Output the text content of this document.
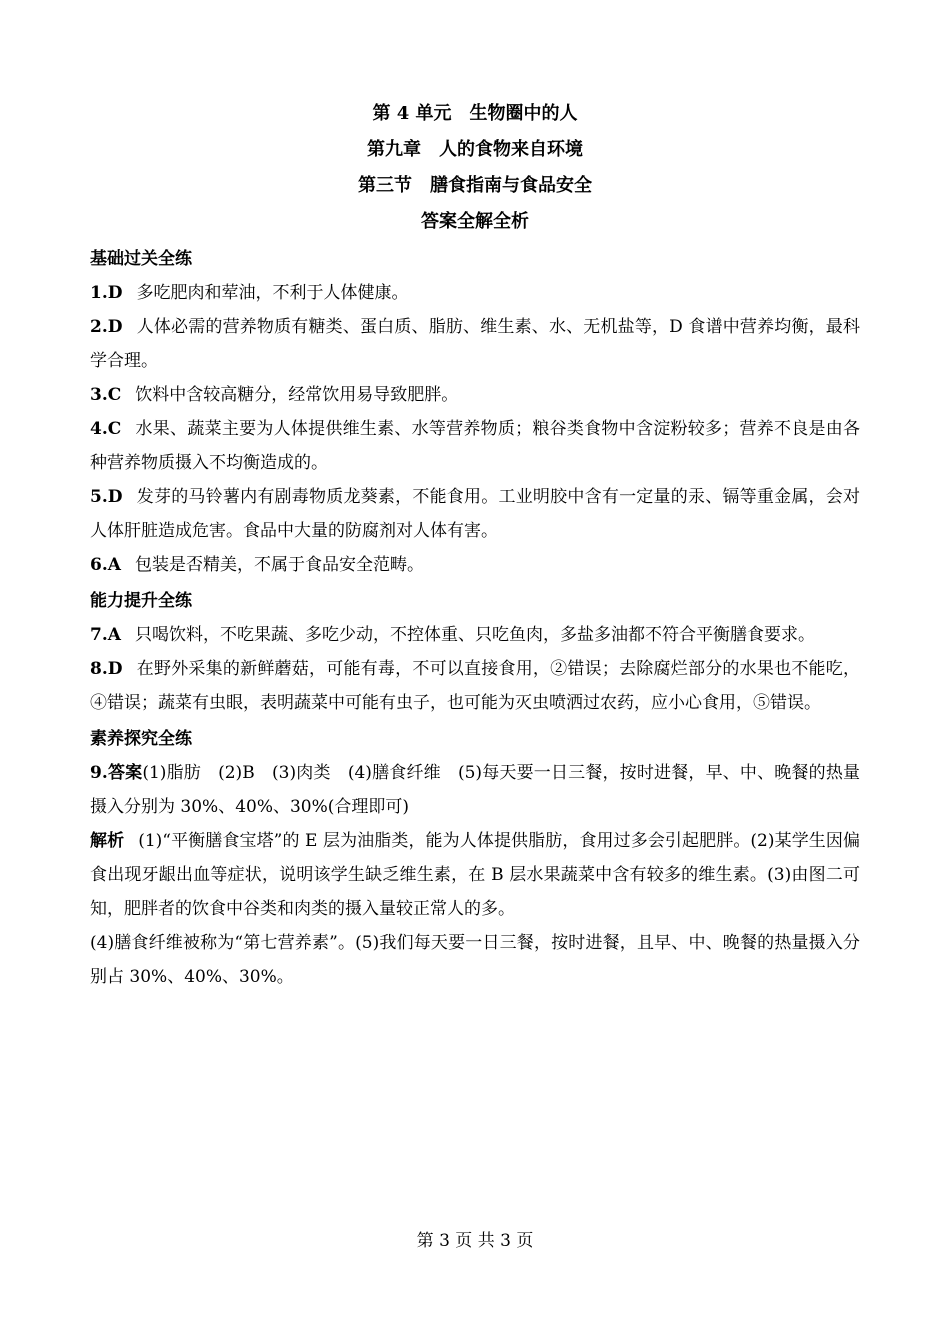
第 4 单元　生物圈中的人

第九章　人的食物来自环境

第三节　膳食指南与食品安全

答案全解全析

基础过关全练

1.D 多吃肥肉和荤油，不利于人体健康。

2.D 人体必需的营养物质有糖类、蛋白质、脂肪、维生素、水、无机盐等，D 食谱中营养均衡，最科学合理。

3.C 饮料中含较高糖分，经常饮用易导致肥胖。

4.C 水果、蔬菜主要为人体提供维生素、水等营养物质；粮谷类食物中含淀粉较多；营养不良是由各种营养物质摄入不均衡造成的。

5.D 发芽的马铃薯内有剧毒物质龙葵素，不能食用。工业明胶中含有一定量的汞、镉等重金属，会对人体肝脏造成危害。食品中大量的防腐剂对人体有害。

6.A 包装是否精美，不属于食品安全范畴。

能力提升全练

7.A 只喝饮料，不吃果蔬、多吃少动，不控体重、只吃鱼肉，多盐多油都不符合平衡膳食要求。

8.D 在野外采集的新鲜蘑菇，可能有毒，不可以直接食用，②错误；去除腐烂部分的水果也不能吃，④错误；蔬菜有虫眼，表明蔬菜中可能有虫子，也可能为灭虫喷洒过农药，应小心食用，⑤错误。

素养探究全练

9.答案(1)脂肪　(2)B　(3)肉类　(4)膳食纤维　(5)每天要一日三餐，按时进餐，早、中、晚餐的热量摄入分别为 30%、40%、30%(合理即可)

解析 (1)“平衡膳食宝塔”的 E 层为油脂类，能为人体提供脂肪，食用过多会引起肥胖。(2)某学生因偏食出现牙龈出血等症状，说明该学生缺乏维生素，在 B 层水果蔬菜中含有较多的维生素。(3)由图二可知，肥胖者的饮食中谷类和肉类的摄入量较正常人的多。

(4)膳食纤维被称为“第七营养素”。(5)我们每天要一日三餐，按时进餐，且早、中、晚餐的热量摄入分别占 30%、40%、30%。

第 3 页 共 3 页
